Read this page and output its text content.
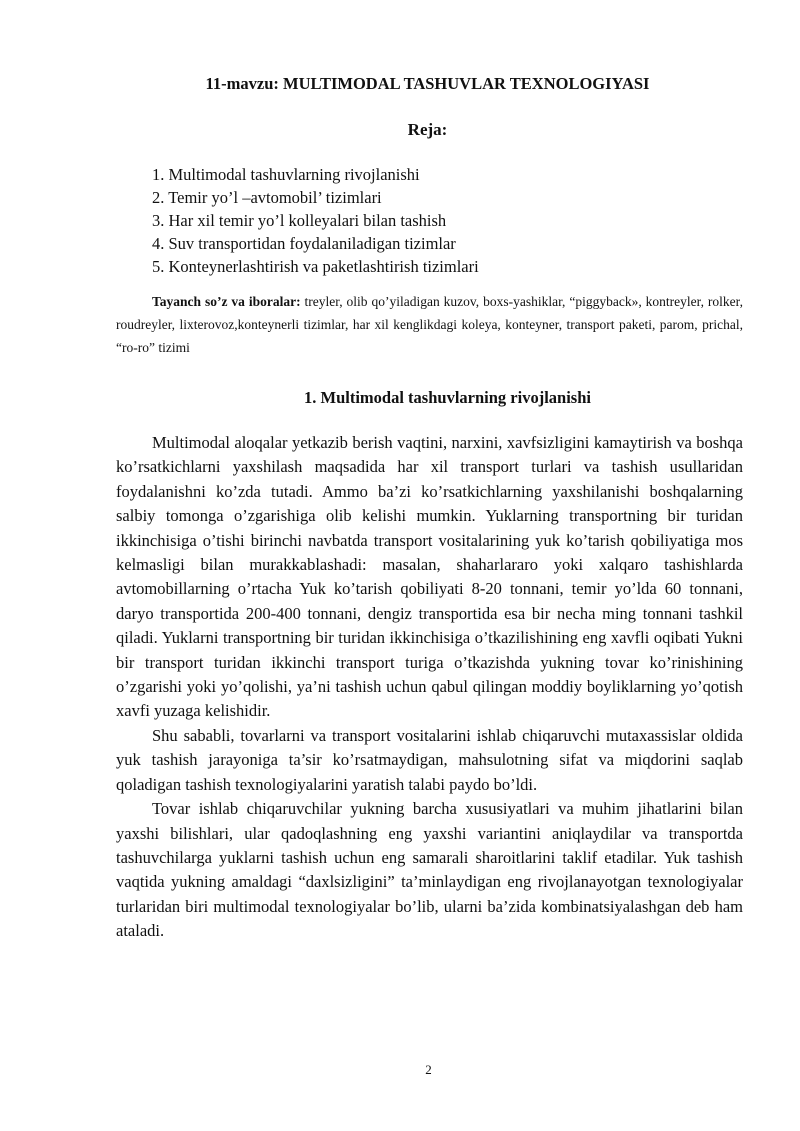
11-mavzu: MULTIMODAL TASHUVLAR TEXNOLOGIYASI
Reja:
1. Multimodal tashuvlarning rivojlanishi
2. Temir yo’l –avtomobil’ tizimlari
3. Har xil temir yo’l kolleyalari bilan tashish
4. Suv transportidan foydalaniladigan tizimlar
5. Konteynerlashtirish va paketlashtirish tizimlari

Tayanch so’z va iboralar: treyler, olib qo’yiladigan kuzov, boxs-yashiklar, “piggyback», kontreyler, rolker, roudreyler, lixterovoz,konteynerli tizimlar, har xil kenglikdagi koleya, konteyner, transport paketi, parom, prichal, “ro-ro” tizimi

1. Multimodal tashuvlarning rivojlanishi

Multimodal aloqalar yetkazib berish vaqtini, narxini, xavfsizligini kamaytirish va boshqa ko’rsatkichlarni yaxshilash maqsadida har xil transport turlari va tashish usullaridan foydalanishni ko’zda tutadi. Ammo ba’zi ko’rsatkichlarning yaxshilanishi boshqalarning salbiy tomonga o’zgarishiga olib kelishi mumkin. Yuklarning transportning bir turidan ikkinchisiga o’tishi birinchi navbatda transport vositalarining yuk ko’tarish qobiliyatiga mos kelmasligi bilan murakkablashadi: masalan, shaharlararo yoki xalqaro tashishlarda avtomobillarning o’rtacha Yuk ko’tarish qobiliyati 8-20 tonnani, temir yo’lda 60 tonnani, daryo transportida 200-400 tonnani, dengiz transportida esa bir necha ming tonnani tashkil qiladi. Yuklarni transportning bir turidan ikkinchisiga o’tkazilishining eng xavfli oqibati Yukni bir transport turidan ikkinchi transport turiga o’tkazishda yukning tovar ko’rinishining o’zgarishi yoki yo’qolishi, ya’ni tashish uchun qabul qilingan moddiy boyliklarning yo’qotish xavfi yuzaga kelishidir.

Shu sababli, tovarlarni va transport vositalarini ishlab chiqaruvchi mutaxassislar oldida yuk tashish jarayoniga ta’sir ko’rsatmaydigan, mahsulotning sifat va miqdorini saqlab qoladigan tashish texnologiyalarini yaratish talabi paydo bo’ldi.

Tovar ishlab chiqaruvchilar yukning barcha xususiyatlari va muhim jihatlarini bilan yaxshi bilishlari, ular qadoqlashning eng yaxshi variantini aniqlaydilar va transportda tashuvchilarga yuklarni tashish uchun eng samarali sharoitlarini taklif etadilar. Yuk tashish vaqtida yukning amaldagi “daxlsizligini” ta’minlaydigan eng rivojlanayotgan texnologiyalar turlaridan biri multimodal texnologiyalar bo’lib, ularni ba’zida kombinatsiyalashgan deb ham ataladi.

2
